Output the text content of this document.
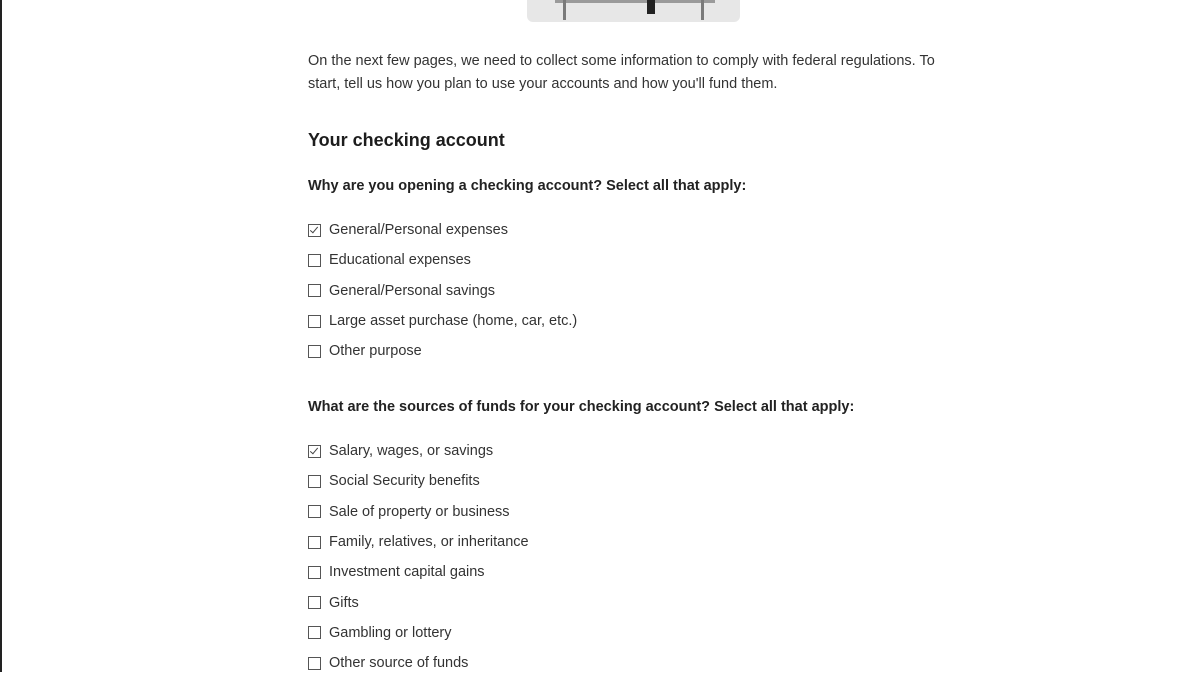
On the next few pages, we need to collect some information to comply with federal regulations. To start, tell us how you plan to use your accounts and how you'll fund them.

Your checking account

Why are you opening a checking account? Select all that apply:

General/Personal expenses
Educational expenses
General/Personal savings
Large asset purchase (home, car, etc.)
Other purpose

What are the sources of funds for your checking account? Select all that apply:

Salary, wages, or savings
Social Security benefits
Sale of property or business
Family, relatives, or inheritance
Investment capital gains
Gifts
Gambling or lottery
Other source of funds
